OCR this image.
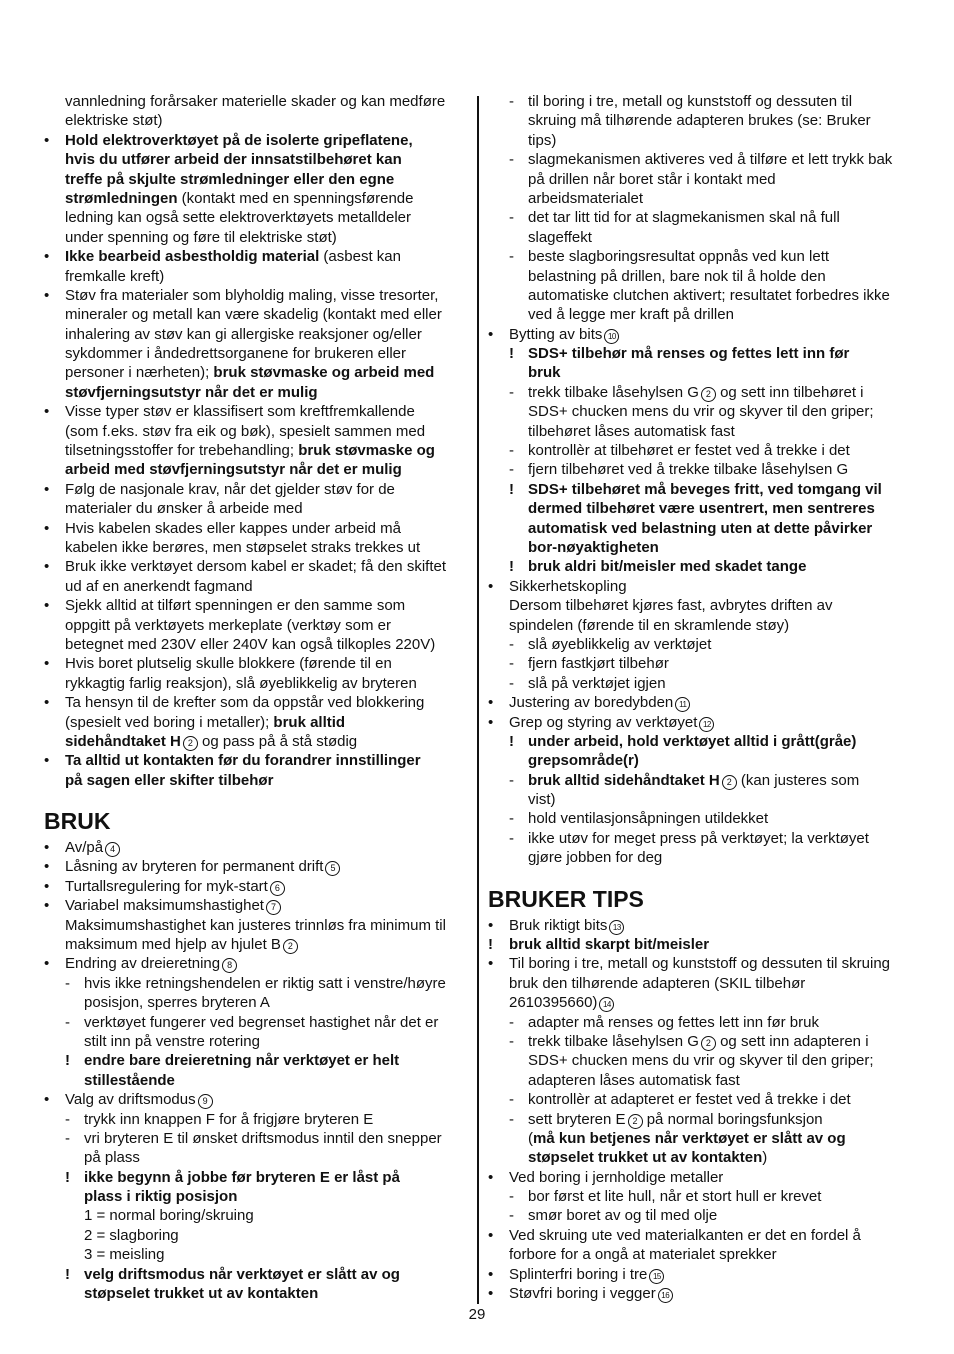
vannledning forårsaker materielle skader og kan medføre
elektriske støt)
• Hold elektroverktøyet på de isolerte gripeflatene,
hvis du utfører arbeid der innsatstilbehøret kan
treffe på skjulte strømledninger eller den egne
strømledningen (kontakt med en spenningsførende
ledning kan også sette elektroverktøyets metalldeler
under spenning og føre til elektriske støt)
• Ikke bearbeid asbestholdig material (asbest kan
fremkalle kreft)
• Støv fra materialer som blyholdig maling, visse tresorter,
mineraler og metall kan være skadelig (kontakt med eller
inhalering av støv kan gi allergiske reaksjoner og/eller
sykdommer i åndedrettsorganene for brukeren eller
personer i nærheten); bruk støvmaske og arbeid med
støvfjerningsutstyr når det er mulig
• Visse typer støv er klassifisert som kreftfremkallende
(som f.eks. støv fra eik og bøk), spesielt sammen med
tilsetningsstoffer for trebehandling; bruk støvmaske og
arbeid med støvfjerningsutstyr når det er mulig
• Følg de nasjonale krav, når det gjelder støv for de
materialer du ønsker å arbeide med
• Hvis kabelen skades eller kappes under arbeid må
kabelen ikke berøres, men støpselet straks trekkes ut
• Bruk ikke verktøyet dersom kabel er skadet; få den skiftet
ud af en anerkendt fagmand
• Sjekk alltid at tilført spenningen er den samme som
oppgitt på verktøyets merkeplate (verktøy som er
betegnet med 230V eller 240V kan også tilkoples 220V)
• Hvis boret plutselig skulle blokkere (førende til en
rykkagtig farlig reaksjon), slå øyeblikkelig av bryteren
• Ta hensyn til de krefter som da oppstår ved blokkering
(spesielt ved boring i metaller); bruk alltid
sidehåndtaket H 2 og pass på å stå stødig
• Ta alltid ut kontakten før du forandrer innstillinger
på sagen eller skifter tilbehør
BRUK
• Av/på 4
• Låsning av bryteren for permanent drift 5
• Turtallsregulering for myk-start 6
• Variabel maksimumshastighet 7
Maksimumshastighet kan justeres trinnløs fra minimum til
maksimum med hjelp av hjulet B 2
• Endring av dreieretning 8
- hvis ikke retningshendelen er riktig satt i venstre/høyre
posisjon, sperres bryteren A
- verktøyet fungerer ved begrenset hastighet når det er
stilt inn på venstre rotering
! endre bare dreieretning når verktøyet er helt
stillestående
• Valg av driftsmodus 9
- trykk inn knappen F for å frigjøre bryteren E
- vri bryteren E til ønsket driftsmodus inntil den snepper
på plass
! ikke begynn å jobbe før bryteren E er låst på
plass i riktig posisjon
1 = normal boring/skruing
2 = slagboring
3 = meisling
! velg driftsmodus når verktøyet er slått av og
støpselet trukket ut av kontakten
- til boring i tre, metall og kunststoff og dessuten til
skruing må tilhørende adapteren brukes (se: Bruker
tips)
- slagmekanismen aktiveres ved å tilføre et lett trykk bak
på drillen når boret står i kontakt med
arbeidsmaterialet
- det tar litt tid for at slagmekanismen skal nå full
slageffekt
- beste slagboringsresultat oppnås ved kun lett
belastning på drillen, bare nok til å holde den
automatiske clutchen aktivert; resultatet forbedres ikke
ved å legge mer kraft på drillen
• Bytting av bits 10
! SDS+ tilbehør må renses og fettes lett inn før
bruk
- trekk tilbake låsehylsen G 2 og sett inn tilbehøret i
SDS+ chucken mens du vrir og skyver til den griper;
tilbehøret låses automatisk fast
- kontrollèr at tilbehøret er festet ved å trekke i det
- fjern tilbehøret ved å trekke tilbake låsehylsen G
! SDS+ tilbehøret må beveges fritt, ved tomgang vil
dermed tilbehøret være usentrert, men sentreres
automatisk ved belastning uten at dette påvirker
bor-nøyaktigheten
! bruk aldri bit/meisler med skadet tange
• Sikkerhetskopling
Dersom tilbehøret kjøres fast, avbrytes driften av
spindelen (førende til en skramlende støy)
- slå øyeblikkelig av verktøjet
- fjern fastkjørt tilbehør
- slå på verktøjet igjen
• Justering av boredybden 11
• Grep og styring av verktøyet 12
! under arbeid, hold verktøyet alltid i grått(gråe)
grepsområde(r)
- bruk alltid sidehåndtaket H 2 (kan justeres som
vist)
- hold ventilasjonsåpningen utildekket
- ikke utøv for meget press på verktøyet; la verktøyet
gjøre jobben for deg
BRUKER TIPS
• Bruk riktigt bits 13
! bruk alltid skarpt bit/meisler
• Til boring i tre, metall og kunststoff og dessuten til skruing
bruk den tilhørende adapteren (SKIL tilbehør
2610395660) 14
- adapter må renses og fettes lett inn før bruk
- trekk tilbake låsehylsen G 2 og sett inn adapteren i
SDS+ chucken mens du vrir og skyver til den griper;
adapteren låses automatisk fast
- kontrollèr at adapteret er festet ved å trekke i det
- sett bryteren E 2 på normal boringsfunksjon
(må kun betjenes når verktøyet er slått av og
støpselet trukket ut av kontakten)
• Ved boring i jernholdige metaller
- bor først et lite hull, når et stort hull er krevet
- smør boret av og til med olje
• Ved skruing ute ved materialkanten er det en fordel å
forbore for a ongå at materialet sprekker
• Splinterfri boring i tre 15
• Støvfri boring i vegger 16
29
